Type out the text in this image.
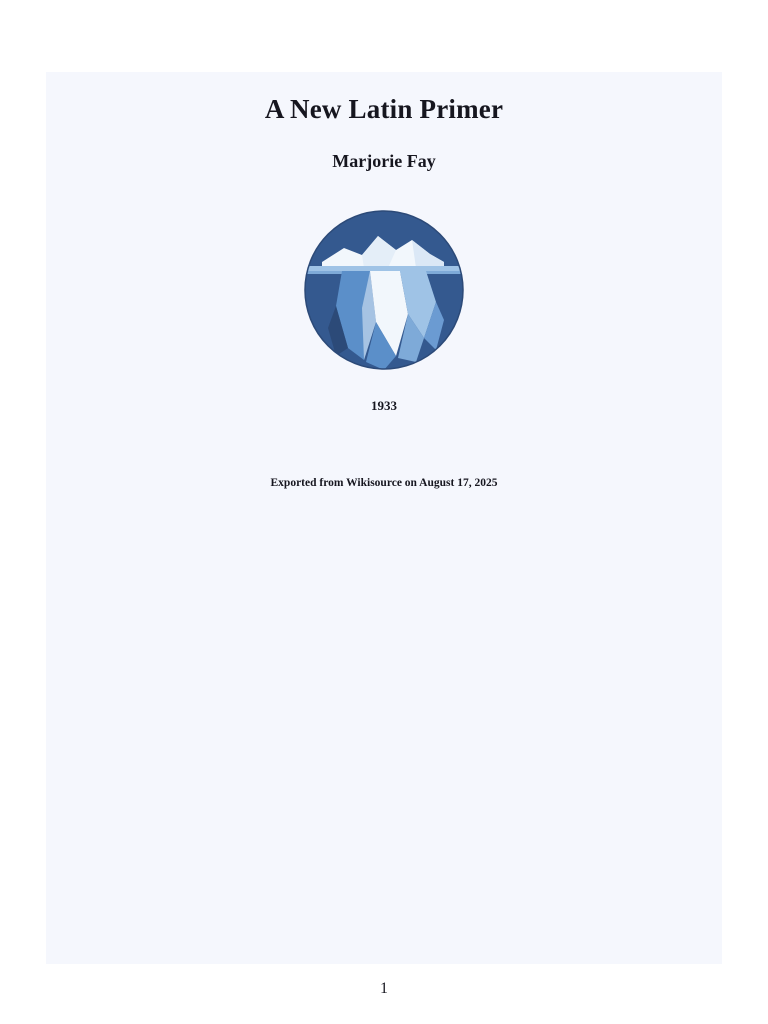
A New Latin Primer
Marjorie Fay

1933

Exported from Wikisource on August 17, 2025

1
